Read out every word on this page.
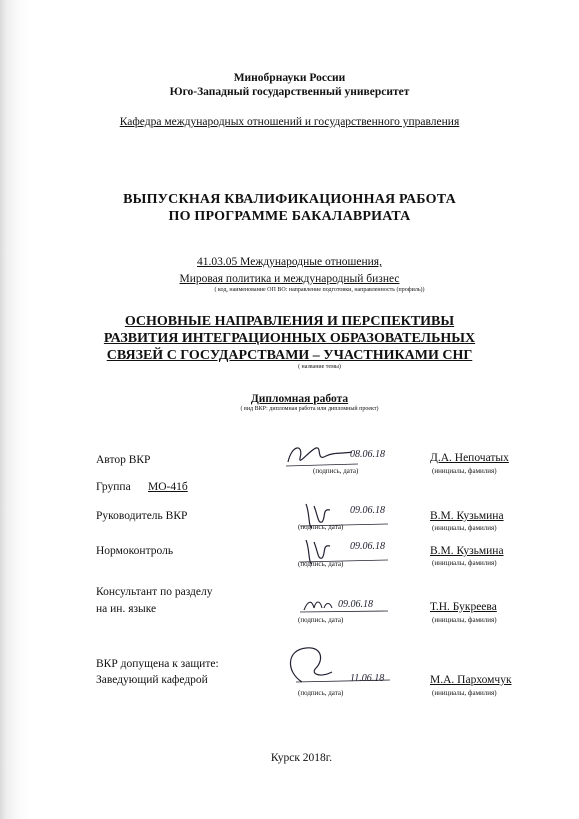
Минобрнауки России
Юго-Западный государственный университет
Кафедра международных отношений и государственного управления
ВЫПУСКНАЯ КВАЛИФИКАЦИОННАЯ РАБОТА
ПО ПРОГРАММЕ БАКАЛАВРИАТА
41.03.05 Международные отношения,
Мировая политика и международный бизнес
( код, наименование ОП ВО: направление подготовки, направленность (профиль))
ОСНОВНЫЕ НАПРАВЛЕНИЯ И ПЕРСПЕКТИВЫ
РАЗВИТИЯ ИНТЕГРАЦИОННЫХ ОБРАЗОВАТЕЛЬНЫХ
СВЯЗЕЙ С ГОСУДАРСТВАМИ – УЧАСТНИКАМИ СНГ
( название темы)
Дипломная работа
( вид ВКР: дипломная работа или дипломный проект)
Автор ВКР	08.06.18
(подпись, дата)
Д.А. Непочатых
(инициалы, фамилия)
Группа	МО-41б
Руководитель ВКР	09.06.18
(подпись, дата)
В.М. Кузьмина
(инициалы, фамилия)
Нормоконтроль	09.06.18
(подпись, дата)
В.М. Кузьмина
(инициалы, фамилия)
Консультант по разделу
на ин. языке	09.06.18
(подпись, дата)
Т.Н. Букреева
(инициалы, фамилия)
ВКР допущена к защите:
Заведующий кафедрой	11.06.18
(подпись, дата)
М.А. Пархомчук
(инициалы, фамилия)
Курск 2018г.
